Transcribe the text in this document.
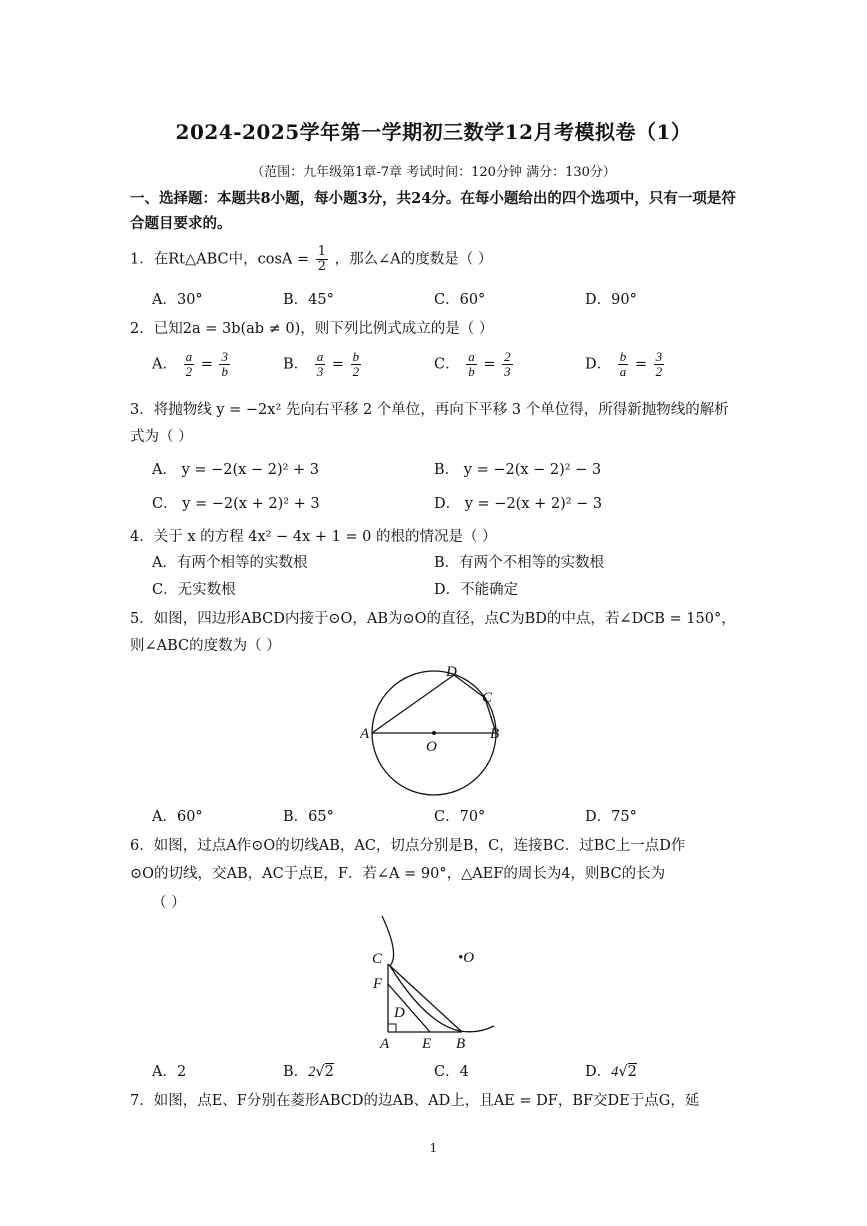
2024-2025学年第一学期初三数学12月考模拟卷（1）
（范围：九年级第1章-7章 考试时间：120分钟 满分：130分）
一、选择题：本题共8小题，每小题3分，共24分。在每小题给出的四个选项中，只有一项是符合题目要求的。
1．在Rt△ABC中，$\cos A = \frac{1}{2}$ ，那么∠A的度数是（ ）
A．30°	B．45°	C．60°	D．90°
2．已知2a = 3b(ab ≠ 0)，则下列比例式成立的是（ ）
A． $\frac{a}{2} = \frac{3}{b}$	B． $\frac{a}{3} = \frac{b}{2}$	C． $\frac{a}{b} = \frac{2}{3}$	D． $\frac{b}{a} = \frac{3}{2}$
3．将抛物线 y = −2x² 先向右平移 2 个单位，再向下平移 3 个单位得，所得新抛物线的解析
式为（ ）
A． y = −2(x − 2)² + 3	B． y = −2(x − 2)² − 3
C． y = −2(x + 2)² + 3	D． y = −2(x + 2)² − 3
4．关于 x 的方程 4x² − 4x + 1 = 0 的根的情况是（ ）
A．有两个相等的实数根	B．有两个不相等的实数根
C．无实数根	D．不能确定
5．如图，四边形ABCD内接于⊙O，AB为⊙O的直径，点C为BD的中点，若∠DCB = 150°，
则∠ABC的度数为（ ）
A
O
B
C
D
A．60°	B．65°	C．70°	D．75°
6．如图，过点A作⊙O的切线AB，AC，切点分别是B，C，连接BC．过BC上一点D作
⊙O的切线，交AB，AC于点E，F．若∠A = 90°，△AEF的周长为4，则BC的长为
（ ）
C	•O
F
D
A E B
A．2	B．2√2	C．4	D．4√2
7．如图，点E、F分别在菱形ABCD的边AB、AD上，且AE = DF，BF交DE于点G，延
1
